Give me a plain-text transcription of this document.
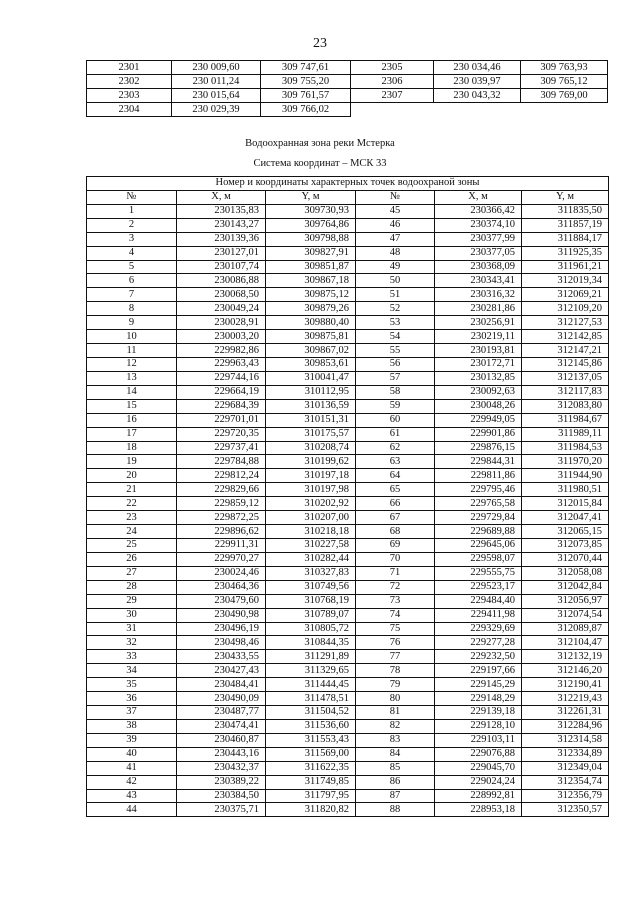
23
2301	230 009,60	309 747,61	2305	230 034,46	309 763,93
2302	230 011,24	309 755,20	2306	230 039,97	309 765,12
2303	230 015,64	309 761,57	2307	230 043,32	309 769,00
2304	230 029,39	309 766,02			
Водоохранная зона реки Мстерка
Система координат – МСК 33
Номер и координаты характерных точек водоохраной зоны					
№	X, м	Y, м	№	X, м	Y, м
1	230135,83	309730,93	45	230366,42	311835,50
2	230143,27	309764,86	46	230374,10	311857,19
3	230139,36	309798,88	47	230377,99	311884,17
4	230127,01	309827,91	48	230377,05	311925,35
5	230107,74	309851,87	49	230368,09	311961,21
6	230086,88	309867,18	50	230343,41	312019,34
7	230068,50	309875,12	51	230316,32	312069,21
8	230049,24	309879,26	52	230281,86	312109,20
9	230028,91	309880,40	53	230256,91	312127,53
10	230003,20	309875,81	54	230219,11	312142,85
11	229982,86	309867,02	55	230193,81	312147,21
12	229963,43	309853,61	56	230172,71	312145,86
13	229744,16	310041,47	57	230132,85	312137,05
14	229664,19	310112,95	58	230092,63	312117,83
15	229684,39	310136,59	59	230048,26	312083,80
16	229701,01	310151,31	60	229949,05	311984,67
17	229720,35	310175,57	61	229901,86	311989,11
18	229737,41	310208,74	62	229876,15	311984,53
19	229784,88	310199,62	63	229844,31	311970,20
20	229812,24	310197,18	64	229811,86	311944,90
21	229829,66	310197,98	65	229795,46	311980,51
22	229859,12	310202,92	66	229765,58	312015,84
23	229872,25	310207,00	67	229729,84	312047,41
24	229896,62	310218,18	68	229689,88	312065,15
25	229911,31	310227,58	69	229645,06	312073,85
26	229970,27	310282,44	70	229598,07	312070,44
27	230024,46	310327,83	71	229555,75	312058,08
28	230464,36	310749,56	72	229523,17	312042,84
29	230479,60	310768,19	73	229484,40	312056,97
30	230490,98	310789,07	74	229411,98	312074,54
31	230496,19	310805,72	75	229329,69	312089,87
32	230498,46	310844,35	76	229277,28	312104,47
33	230433,55	311291,89	77	229232,50	312132,19
34	230427,43	311329,65	78	229197,66	312146,20
35	230484,41	311444,45	79	229145,29	312190,41
36	230490,09	311478,51	80	229148,29	312219,43
37	230487,77	311504,52	81	229139,18	312261,31
38	230474,41	311536,60	82	229128,10	312284,96
39	230460,87	311553,43	83	229103,11	312314,58
40	230443,16	311569,00	84	229076,88	312334,89
41	230432,37	311622,35	85	229045,70	312349,04
42	230389,22	311749,85	86	229024,24	312354,74
43	230384,50	311797,95	87	228992,81	312356,79
44	230375,71	311820,82	88	228953,18	312350,57
